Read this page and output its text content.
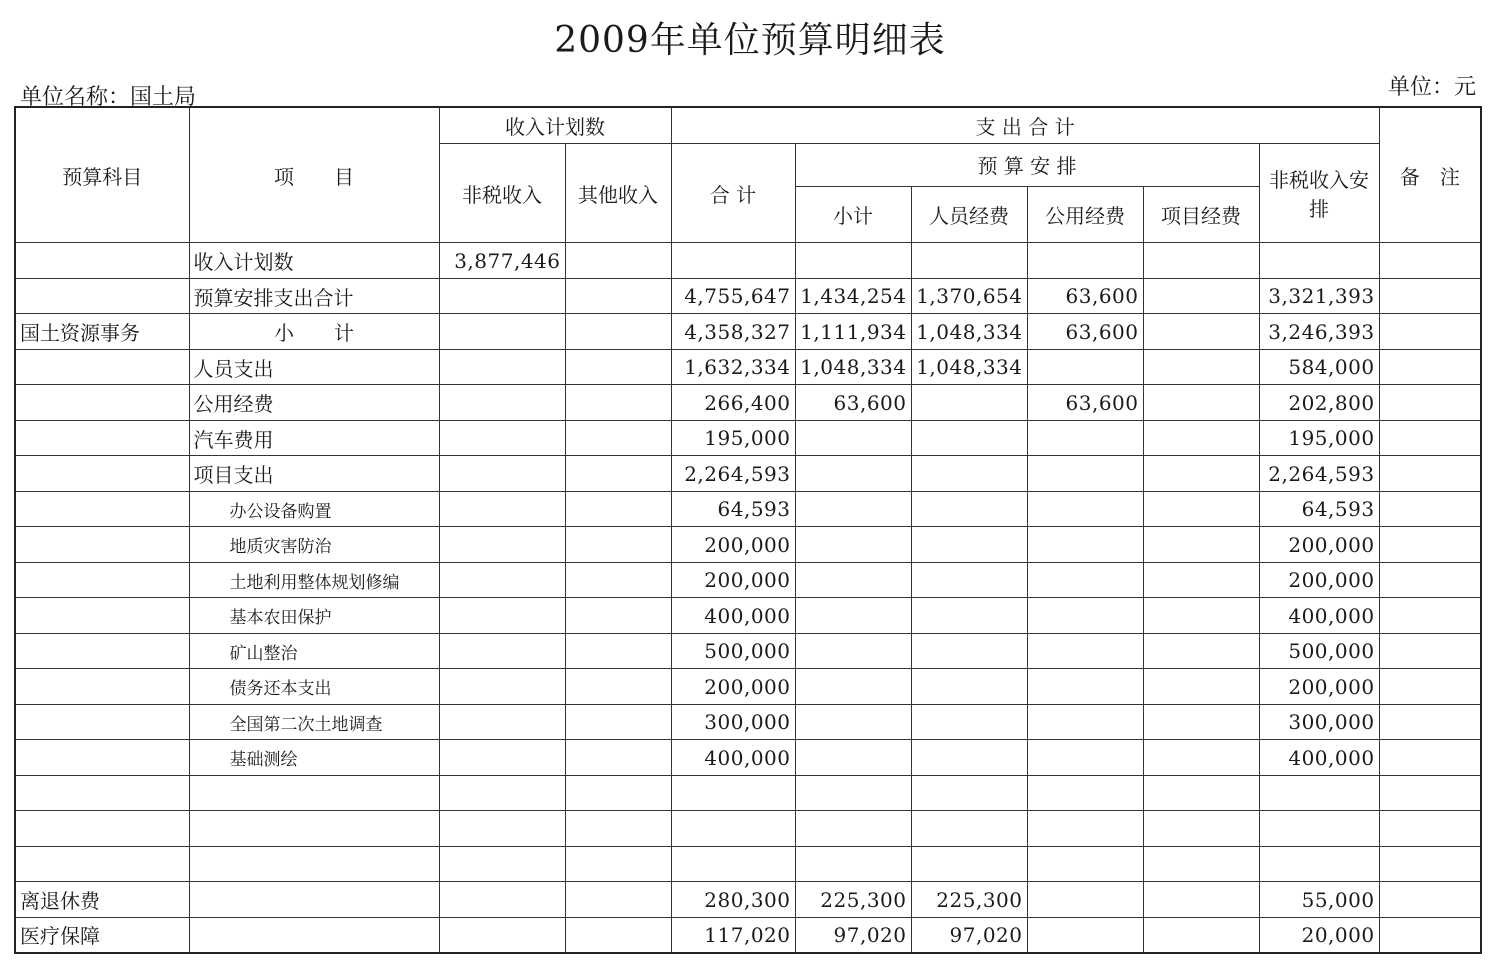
2009年单位预算明细表
单位名称：国土局	单位：元
预算科目	项　　目	收入计划数		支 出 合 计						备　注
		非税收入	其他收入	合 计	预 算 安 排				非税收入安排	
					小计	人员经费	公用经费	项目经费		
	收入计划数	3,877,446								
	预算安排支出合计			4,755,647	1,434,254	1,370,654	63,600		3,321,393	
国土资源事务	小　　计			4,358,327	1,111,934	1,048,334	63,600		3,246,393	
	人员支出			1,632,334	1,048,334	1,048,334			584,000	
	公用经费			266,400	63,600		63,600		202,800	
	汽车费用			195,000					195,000	
	项目支出			2,264,593					2,264,593	
	办公设备购置			64,593					64,593	
	地质灾害防治			200,000					200,000	
	土地利用整体规划修编			200,000					200,000	
	基本农田保护			400,000					400,000	
	矿山整治			500,000					500,000	
	债务还本支出			200,000					200,000	
	全国第二次土地调查			300,000					300,000	
	基础测绘			400,000					400,000	

离退休费				280,300	225,300	225,300			55,000	
医疗保障				117,020	97,020	97,020			20,000	
